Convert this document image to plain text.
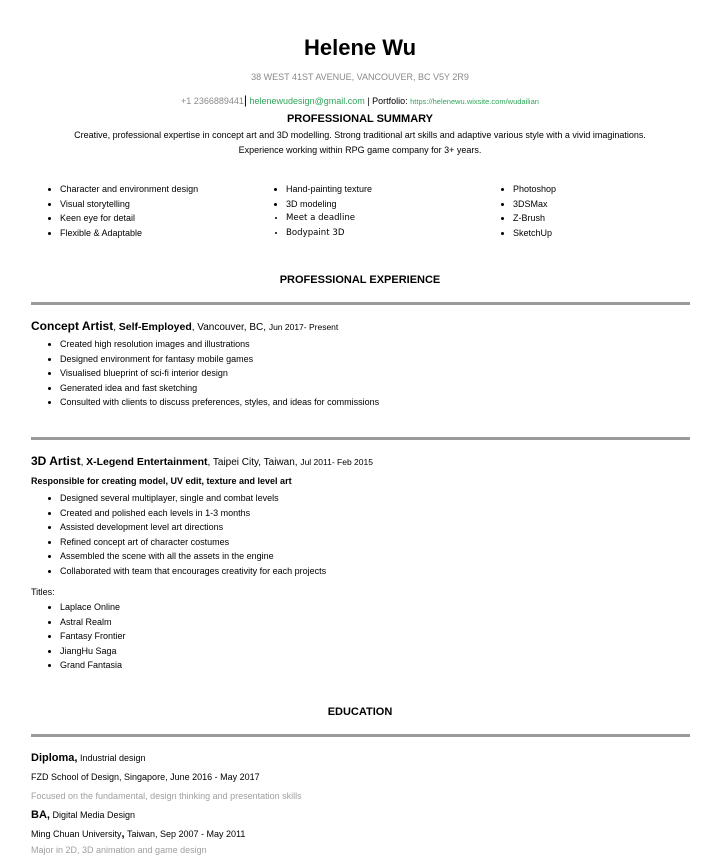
Helene Wu
38 WEST 41ST AVENUE, VANCOUVER, BC V5Y 2R9
+1 2366889441| helenewudesign@gmail.com | Portfolio: https://helenewu.wixsite.com/wudailian
PROFESSIONAL SUMMARY
Creative, professional expertise in concept art and 3D modelling. Strong traditional art skills and adaptive various style with a vivid imaginations. Experience working within RPG game company for 3+ years.
• Character and environment design
• Visual storytelling
• Keen eye for detail
• Flexible & Adaptable
• Hand-painting texture
• 3D modeling
• Meet a deadline
• Bodypaint 3D
• Photoshop
• 3DSMax
• Z-Brush
• SketchUp
PROFESSIONAL EXPERIENCE
Concept Artist, Self-Employed, Vancouver, BC, Jun 2017- Present
• Created high resolution images and illustrations
• Designed environment for fantasy mobile games
• Visualised blueprint of sci-fi interior design
• Generated idea and fast sketching
• Consulted with clients to discuss preferences, styles, and ideas for commissions
3D Artist, X-Legend Entertainment, Taipei City, Taiwan, Jul 2011- Feb 2015
Responsible for creating model, UV edit, texture and level art
• Designed several multiplayer, single and combat levels
• Created and polished each levels in 1-3 months
• Assisted development level art directions
• Refined concept art of character costumes
• Assembled the scene with all the assets in the engine
• Collaborated with team that encourages creativity for each projects
Titles:
• Laplace Online
• Astral Realm
• Fantasy Frontier
• JiangHu Saga
• Grand Fantasia
EDUCATION
Diploma, Industrial design
FZD School of Design, Singapore, June 2016 - May 2017
Focused on the fundamental, design thinking and presentation skills
BA, Digital Media Design
Ming Chuan University, Taiwan, Sep 2007 - May 2011
Major in 2D, 3D animation and game design
